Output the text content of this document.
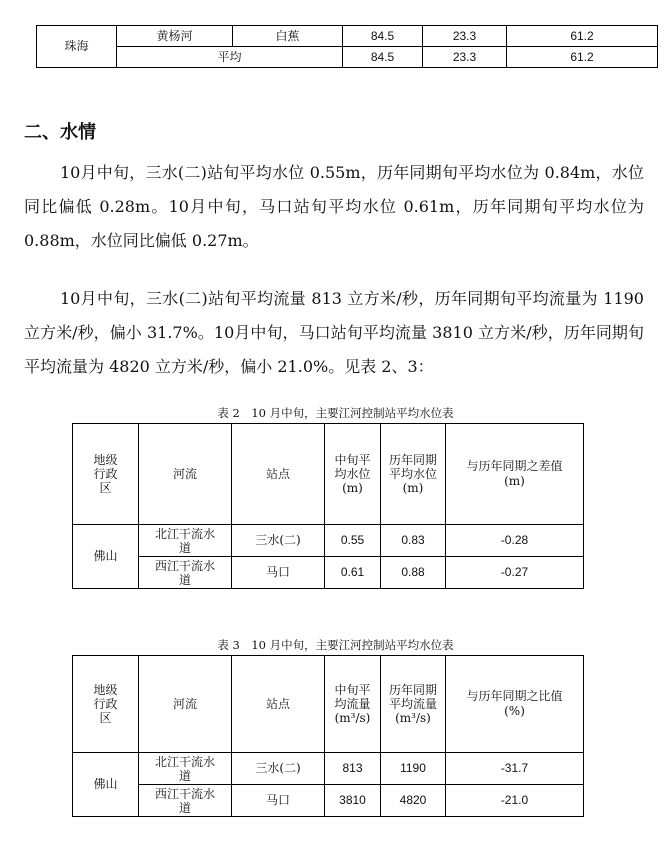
珠海	黄杨河	白蕉	84.5	23.3	61.2
	平均		84.5	23.3	61.2
二、水情

10月中旬，三水(二)站旬平均水位 0.55m，历年同期旬平均水位为 0.84m，水位同比偏低 0.28m。10月中旬，马口站旬平均水位 0.61m，历年同期旬平均水位为 0.88m，水位同比偏低 0.27m。

10月中旬，三水(二)站旬平均流量 813 立方米/秒，历年同期旬平均流量为 1190 立方米/秒，偏小 31.7%。10月中旬，马口站旬平均流量 3810 立方米/秒，历年同期旬平均流量为 4820 立方米/秒，偏小 21.0%。见表 2、3：

表 2　10 月中旬，主要江河控制站平均水位表

地级行政区	河流	站点	中旬平均水位(m)	历年同期平均水位(m)	与历年同期之差值(m)
佛山	北江干流水道	三水(二)	0.55	0.83	-0.28
	西江干流水道	马口	0.61	0.88	-0.27

表 3　10 月中旬，主要江河控制站平均水位表

地级行政区	河流	站点	中旬平均流量(m³/s)	历年同期平均流量(m³/s)	与历年同期之比值(%)
佛山	北江干流水道	三水(二)	813	1190	-31.7
	西江干流水道	马口	3810	4820	-21.0
